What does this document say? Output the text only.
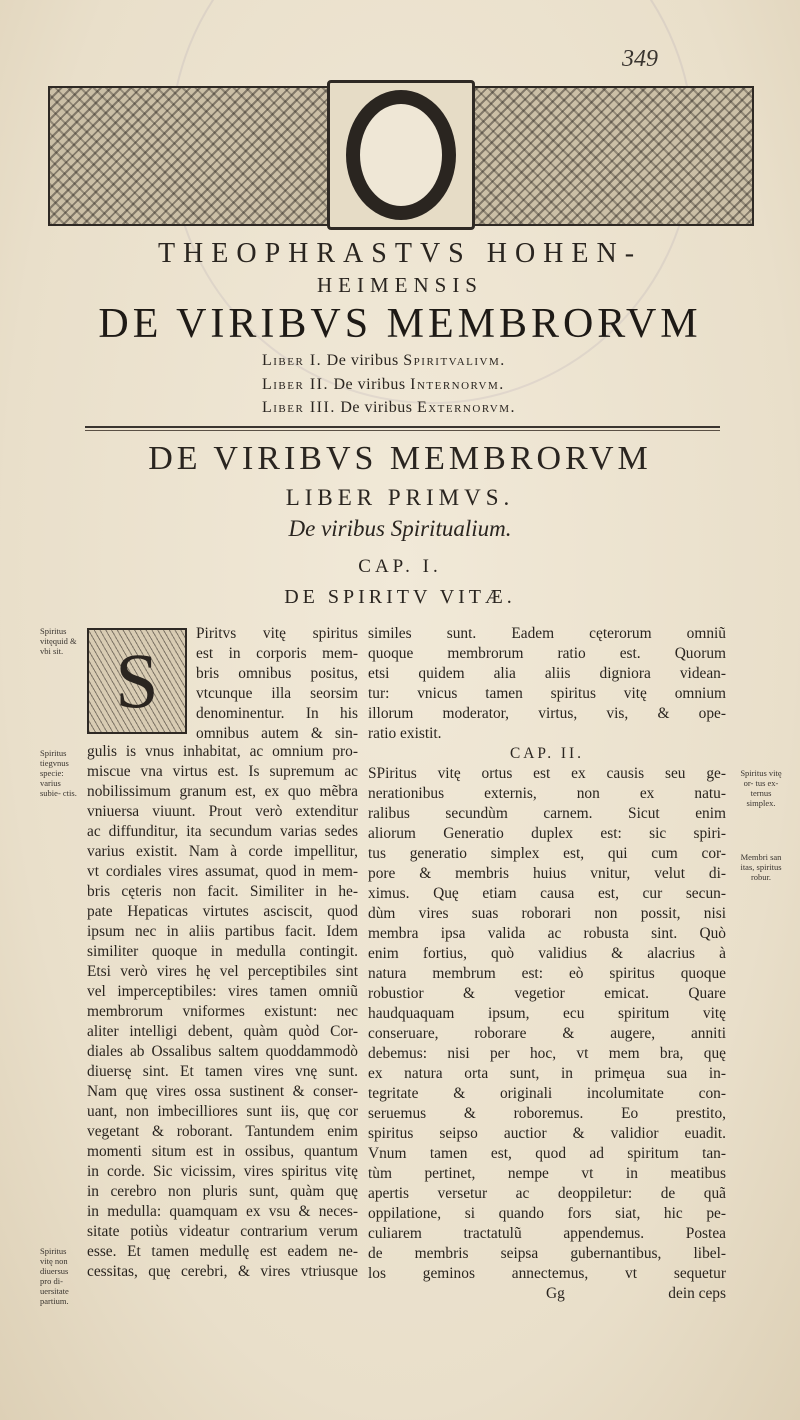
349
THEOPHRASTVS HOHEN-
HEIMENSIS
DE VIRIBVS MEMBRORVM
Liber I. De viribus Spiritvalivm.
Liber II. De viribus Internorvm.
Liber III. De viribus Externorvm.
DE VIRIBVS MEMBRORVM
LIBER PRIMVS.
De viribus Spiritualium.
CAP. I.
DE SPIRITV VITÆ.
Spiritus vitęquid & vbi sit.
Spiritus tiegvnus specie: varius subie- ctis.
Spiritus vitę non diuersus pro di- uersitate partium.
Spiritus vitę or- tus ex- ternus simplex.
Membri san itas, spiritus robur.
S
Piritvs vitę spiritus
est in corporis mem-
bris omnibus positus,
vtcunque illa seorsim
denominentur. In his
omnibus autem & sin-
gulis is vnus inhabitat, ac omnium pro-
miscue vna virtus est. Is supremum ac
nobilissimum granum est, ex quo mẽbra
vniuersa viuunt. Prout verò extenditur
ac diffunditur, ita secundum varias sedes
varius existit. Nam à corde impellitur,
vt cordiales vires assumat, quod in mem-
bris cęteris non facit. Similiter in he-
pate Hepaticas virtutes asciscit, quod
ipsum nec in aliis partibus facit. Idem
similiter quoque in medulla contingit.
Etsi verò vires hę vel perceptibiles sint
vel imperceptibiles: vires tamen omniũ
membrorum vniformes existunt: nec
aliter intelligi debent, quàm quòd Cor-
diales ab Ossalibus saltem quoddammodò
diuersę sint. Et tamen vires vnę sunt.
Nam quę vires ossa sustinent & conser-
uant, non imbecilliores sunt iis, quę cor
vegetant & roborant. Tantundem enim
momenti situm est in ossibus, quantum
in corde. Sic vicissim, vires spiritus vitę
in cerebro non pluris sunt, quàm quę
in medulla: quamquam ex vsu & neces-
sitate potiùs videatur contrarium verum
esse. Et tamen medullę est eadem ne-
cessitas, quę cerebri, & vires vtriusque
similes sunt. Eadem cęterorum omniũ
quoque membrorum ratio est. Quorum
etsi quidem alia aliis digniora videan-
tur: vnicus tamen spiritus vitę omnium
illorum moderator, virtus, vis, & ope-
ratio existit.
CAP. II.
SPiritus vitę ortus est ex causis seu ge-
nerationibus externis, non ex natu-
ralibus secundùm carnem. Sicut enim
aliorum Generatio duplex est: sic spiri-
tus generatio simplex est, qui cum cor-
pore & membris huius vnitur, velut di-
ximus. Quę etiam causa est, cur secun-
dùm vires suas roborari non possit, nisi
membra ipsa valida ac robusta sint. Quò
enim fortius, quò validius & alacrius à
natura membrum est: eò spiritus quoque
robustior & vegetior emicat. Quare
haudquaquam ipsum, ecu spiritum vitę
conseruare, roborare & augere, anniti
debemus: nisi per hoc, vt mem bra, quę
ex natura orta sunt, in primęua sua in-
tegritate & originali incolumitate con-
seruemus & roboremus. Eo prestito,
spiritus seipso auctior & validior euadit.
Vnum tamen est, quod ad spiritum tan-
tùm pertinet, nempe vt in meatibus
apertis versetur ac deoppiletur: de quã
oppilatione, si quando fors siat, hic pe-
culiarem tractatulũ appendemus. Postea
de membris seipsa gubernantibus, libel-
los geminos annectemus, vt sequetur
Gg	dein ceps
